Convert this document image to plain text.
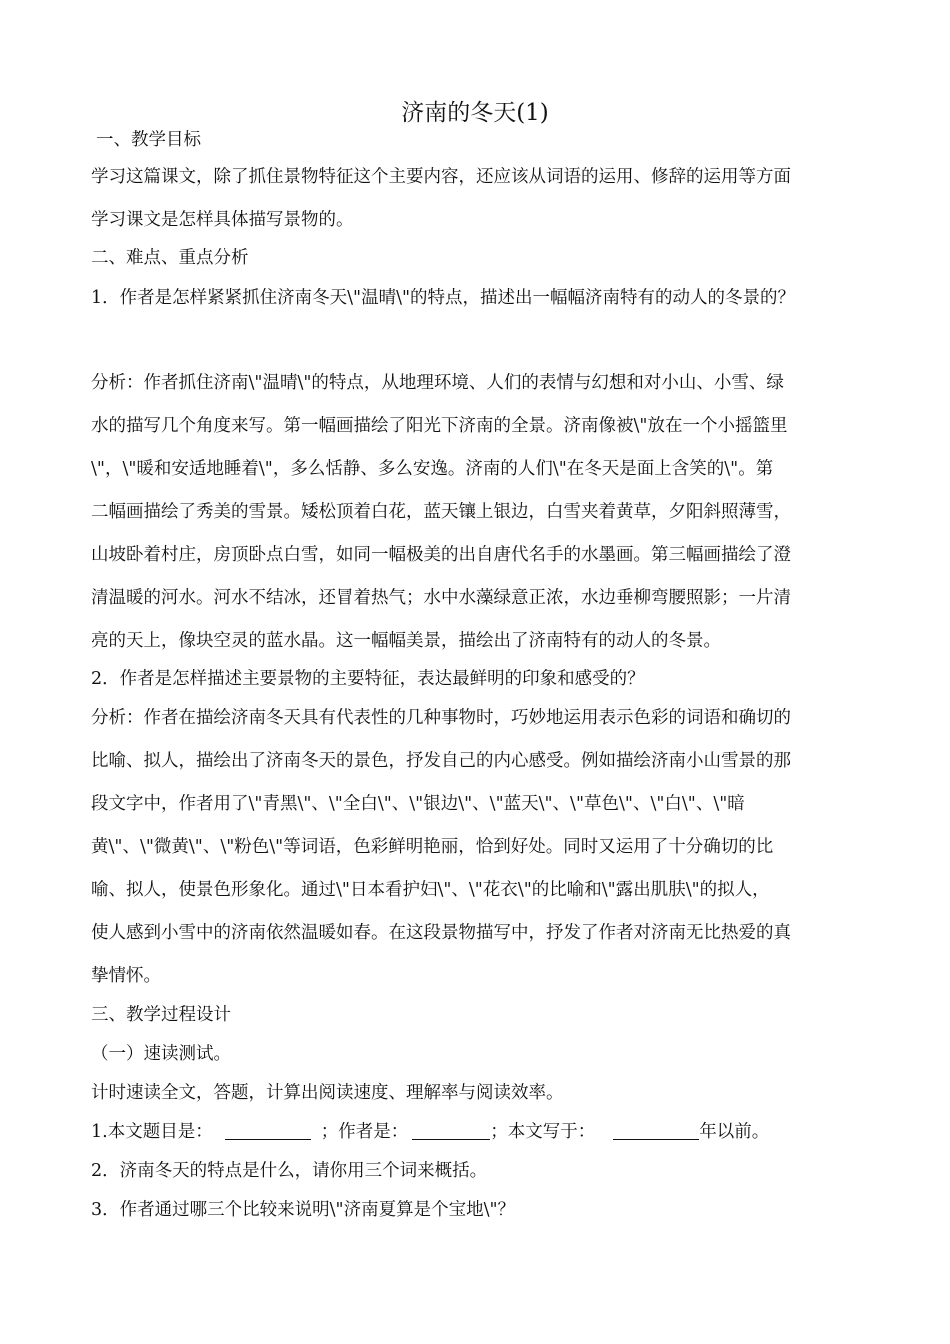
济南的冬天(1)
一、教学目标
学习这篇课文，除了抓住景物特征这个主要内容，还应该从词语的运用、修辞的运用等方面
学习课文是怎样具体描写景物的。
二、难点、重点分析
1．作者是怎样紧紧抓住济南冬天\"温晴\"的特点，描述出一幅幅济南特有的动人的冬景的？
分析：作者抓住济南\"温晴\"的特点，从地理环境、人们的表情与幻想和对小山、小雪、绿
水的描写几个角度来写。第一幅画描绘了阳光下济南的全景。济南像被\"放在一个小摇篮里
\"，\"暖和安适地睡着\"，多么恬静、多么安逸。济南的人们\"在冬天是面上含笑的\"。第
二幅画描绘了秀美的雪景。矮松顶着白花，蓝天镶上银边，白雪夹着黄草，夕阳斜照薄雪，
山坡卧着村庄，房顶卧点白雪，如同一幅极美的出自唐代名手的水墨画。第三幅画描绘了澄
清温暖的河水。河水不结冰，还冒着热气；水中水藻绿意正浓，水边垂柳弯腰照影；一片清
亮的天上，像块空灵的蓝水晶。这一幅幅美景，描绘出了济南特有的动人的冬景。
2．作者是怎样描述主要景物的主要特征，表达最鲜明的印象和感受的？
分析：作者在描绘济南冬天具有代表性的几种事物时，巧妙地运用表示色彩的词语和确切的
比喻、拟人，描绘出了济南冬天的景色，抒发自己的内心感受。例如描绘济南小山雪景的那
段文字中，作者用了\"青黑\"、\"全白\"、\"银边\"、\"蓝天\"、\"草色\"、\"白\"、\"暗
黄\"、\"微黄\"、\"粉色\"等词语，色彩鲜明艳丽，恰到好处。同时又运用了十分确切的比
喻、拟人，使景色形象化。通过\"日本看护妇\"、\"花衣\"的比喻和\"露出肌肤\"的拟人，
使人感到小雪中的济南依然温暖如春。在这段景物描写中，抒发了作者对济南无比热爱的真
挚情怀。
三、教学过程设计
（一）速读测试。
计时速读全文，答题，计算出阅读速度、理解率与阅读效率。
1.本文题目是：	；作者是：	；本文写于：	年以前。
2．济南冬天的特点是什么，请你用三个词来概括。
3．作者通过哪三个比较来说明\"济南夏算是个宝地\"？
